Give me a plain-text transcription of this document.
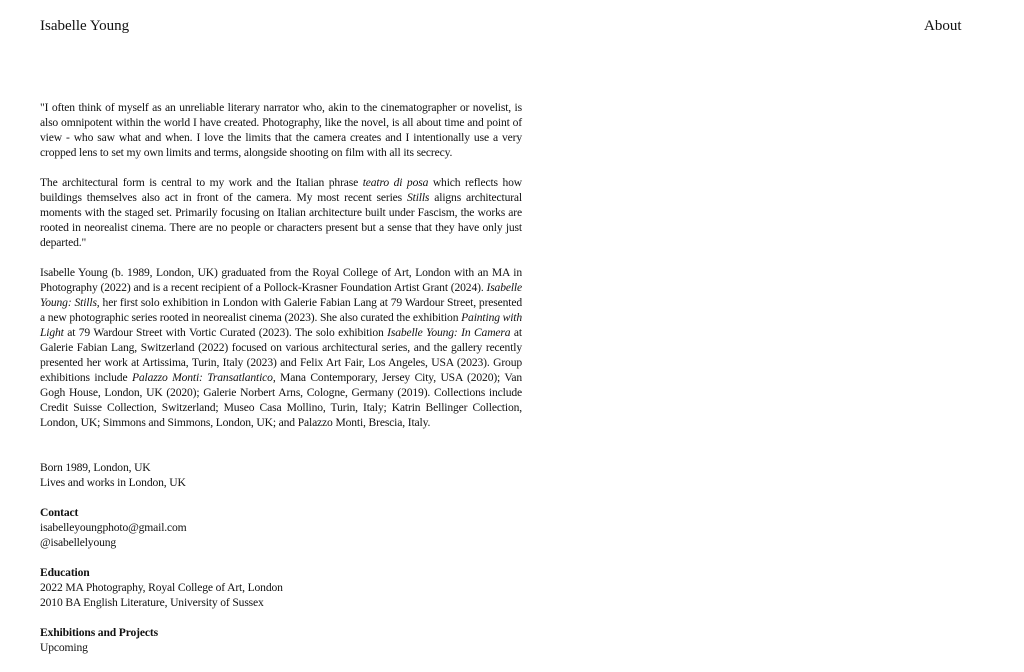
Isabelle Young	About

"I often think of myself as an unreliable literary narrator who, akin to the cinematographer or novelist, is also omnipotent within the world I have created. Photography, like the novel, is all about time and point of view - who saw what and when. I love the limits that the camera creates and I intentionally use a very cropped lens to set my own limits and terms, alongside shooting on film with all its secrecy.

The architectural form is central to my work and the Italian phrase teatro di posa which reflects how buildings themselves also act in front of the camera. My most recent series Stills aligns architectural moments with the staged set. Primarily focusing on Italian architecture built under Fascism, the works are rooted in neorealist cinema. There are no people or characters present but a sense that they have only just departed."

Isabelle Young (b. 1989, London, UK) graduated from the Royal College of Art, London with an MA in Photography (2022) and is a recent recipient of a Pollock-Krasner Foundation Artist Grant (2024). Isabelle Young: Stills, her first solo exhibition in London with Galerie Fabian Lang at 79 Wardour Street, presented a new photographic series rooted in neorealist cinema (2023). She also curated the exhibition Painting with Light at 79 Wardour Street with Vortic Curated (2023). The solo exhibition Isabelle Young: In Camera at Galerie Fabian Lang, Switzerland (2022) focused on various architectural series, and the gallery recently presented her work at Artissima, Turin, Italy (2023) and Felix Art Fair, Los Angeles, USA (2023). Group exhibitions include Palazzo Monti: Transatlantico, Mana Contemporary, Jersey City, USA (2020); Van Gogh House, London, UK (2020); Galerie Norbert Arns, Cologne, Germany (2019). Collections include Credit Suisse Collection, Switzerland; Museo Casa Mollino, Turin, Italy; Katrin Bellinger Collection, London, UK; Simmons and Simmons, London, UK; and Palazzo Monti, Brescia, Italy.

Born 1989, London, UK
Lives and works in London, UK
Contact
isabelleyoungphoto@gmail.com
@isabellelyoung
Education
2022 MA Photography, Royal College of Art, London
2010 BA English Literature, University of Sussex
Exhibitions and Projects
Upcoming
